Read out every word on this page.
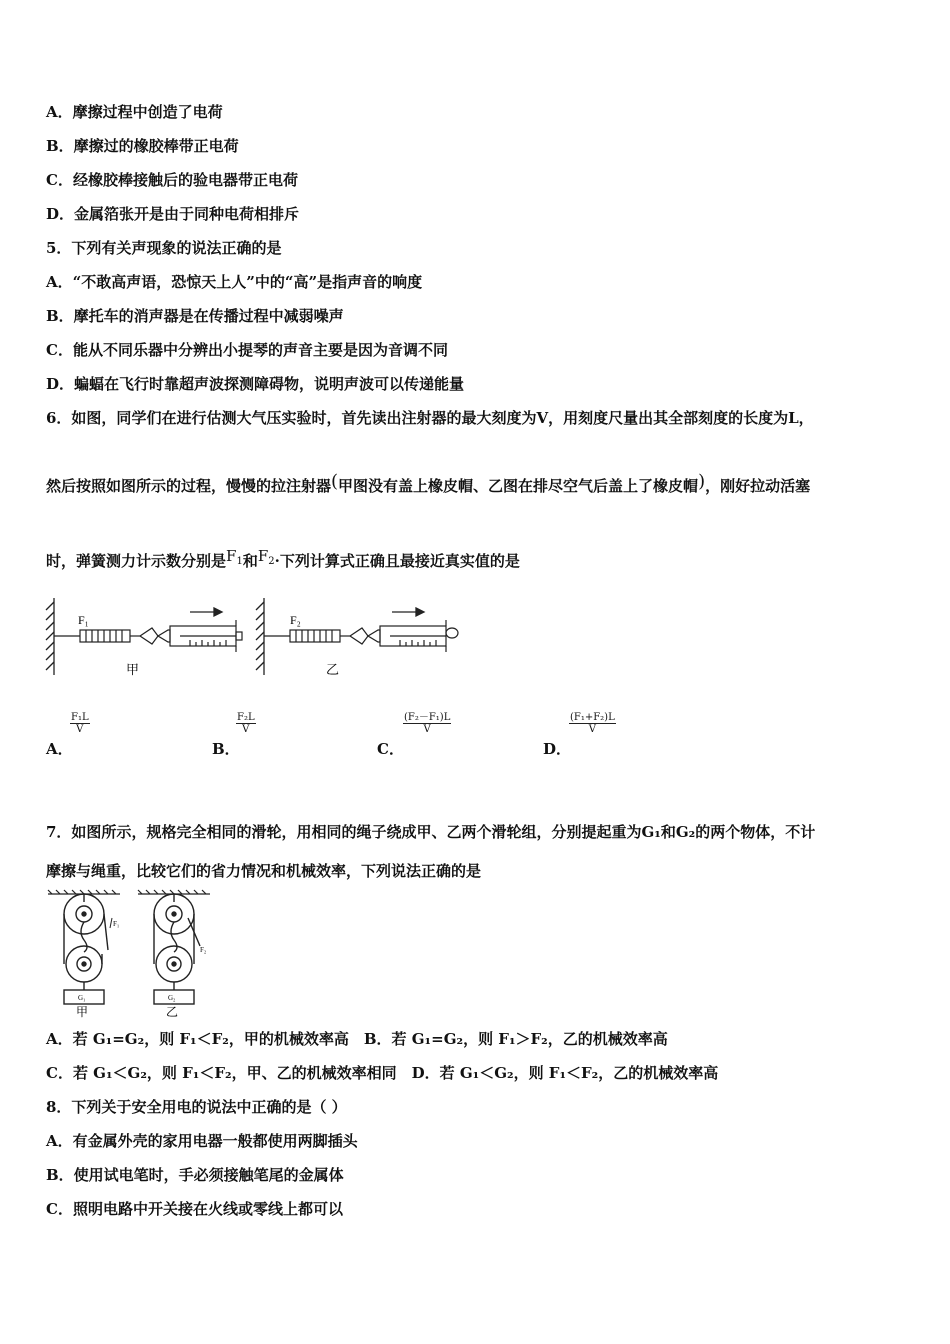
A．摩擦过程中创造了电荷
B．摩擦过的橡胶棒带正电荷
C．经橡胶棒接触后的验电器带正电荷
D．金属箔张开是由于同种电荷相排斥
5．下列有关声现象的说法正确的是
A．“不敢高声语，恐惊天上人”中的“高”是指声音的响度
B．摩托车的消声器是在传播过程中减弱噪声
C．能从不同乐器中分辨出小提琴的声音主要是因为音调不同
D．蝙蝠在飞行时靠超声波探测障碍物，说明声波可以传递能量
6．如图，同学们在进行估测大气压实验时，首先读出注射器的最大刻度为V，用刻度尺量出其全部刻度的长度为L，
然后按照如图所示的过程，慢慢的拉注射器(甲图没有盖上橡皮帽、乙图在排尽空气后盖上了橡皮帽)，刚好拉动活塞
时，弹簧测力计示数分别是$F_1$和$F_2\cdot$下列计算式正确且最接近真实值的是
F₁
甲
F₂
乙
A．
$\frac{\text{F₁L}}{V}$
B．
$\frac{\text{F₂L}}{V}$
C．
$\frac{\text{(F₂－F₁)L}}{V}$
D．
$\frac{\text{(F₁+F₂)L}}{V}$
7．如图所示，规格完全相同的滑轮，用相同的绳子绕成甲、乙两个滑轮组，分别提起重为G₁和G₂的两个物体，不计
摩擦与绳重，比较它们的省力情况和机械效率，下列说法正确的是
F₁
G₁
甲
F₂
G₂
乙
A．若 G₁=G₂，则 F₁＜F₂，甲的机械效率高　B．若 G₁=G₂，则 F₁＞F₂，乙的机械效率高
C．若 G₁＜G₂，则 F₁＜F₂，甲、乙的机械效率相同　D．若 G₁＜G₂，则 F₁＜F₂，乙的机械效率高
8．下列关于安全用电的说法中正确的是（ ）
A．有金属外壳的家用电器一般都使用两脚插头
B．使用试电笔时，手必须接触笔尾的金属体
C．照明电路中开关接在火线或零线上都可以
